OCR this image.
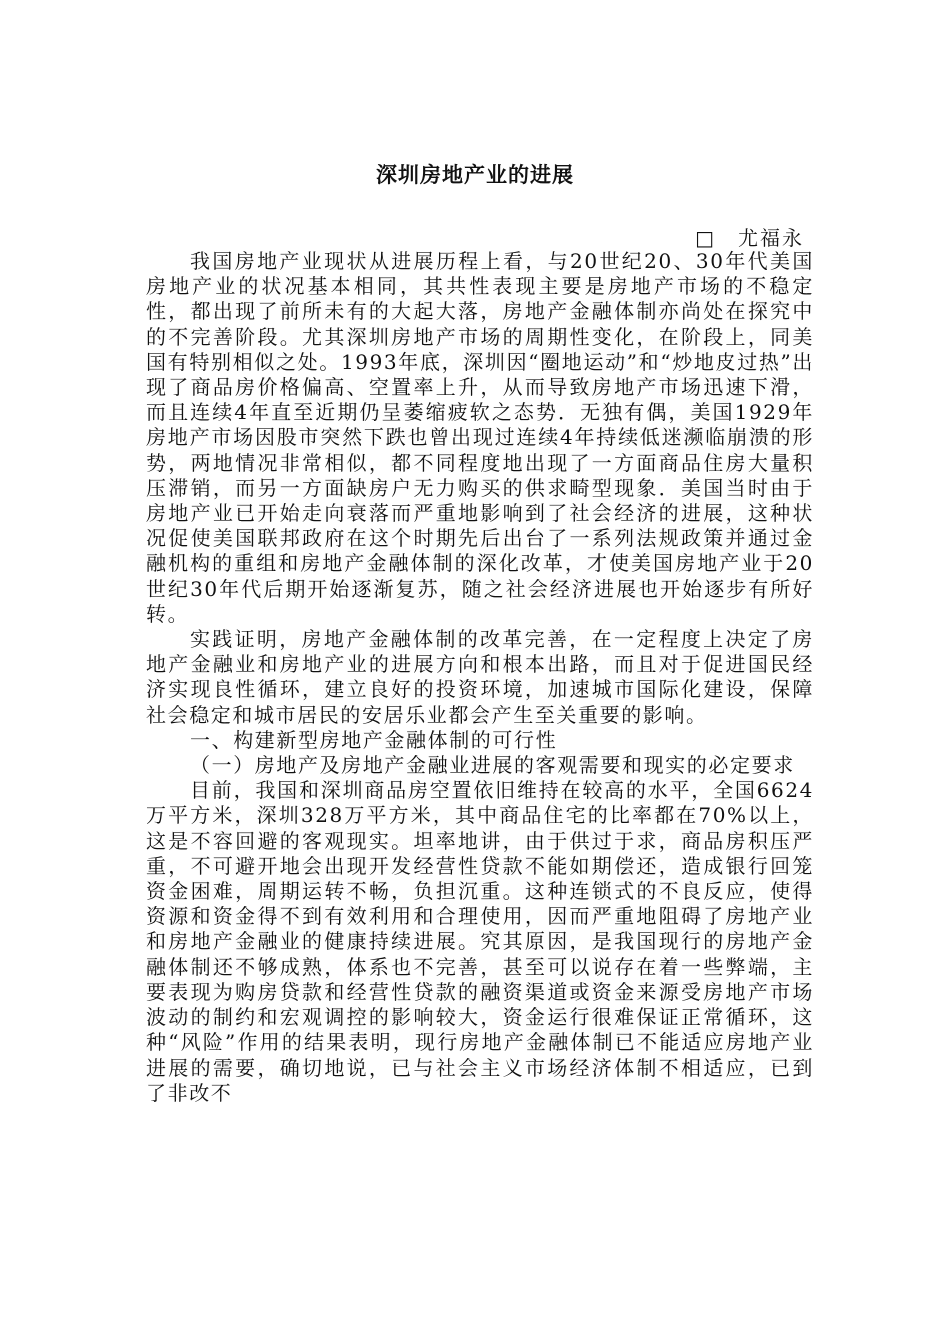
深圳房地产业的进展
□　尤福永

我国房地产业现状从进展历程上看，与20世纪20、30年代美国房地产业的状况基本相同，其共性表现主要是房地产市场的不稳定性，都出现了前所未有的大起大落，房地产金融体制亦尚处在探究中的不完善阶段。尤其深圳房地产市场的周期性变化，在阶段上，同美国有特别相似之处。1993年底，深圳因“圈地运动”和“炒地皮过热”出现了商品房价格偏高、空置率上升，从而导致房地产市场迅速下滑，而且连续4年直至近期仍呈萎缩疲软之态势．无独有偶，美国1929年房地产市场因股市突然下跌也曾出现过连续4年持续低迷濒临崩溃的形势，两地情况非常相似，都不同程度地出现了一方面商品住房大量积压滞销，而另一方面缺房户无力购买的供求畸型现象．美国当时由于房地产业已开始走向衰落而严重地影响到了社会经济的进展，这种状况促使美国联邦政府在这个时期先后出台了一系列法规政策并通过金融机构的重组和房地产金融体制的深化改革，才使美国房地产业于20世纪30年代后期开始逐渐复苏，随之社会经济进展也开始逐步有所好转。

实践证明，房地产金融体制的改革完善，在一定程度上决定了房地产金融业和房地产业的进展方向和根本出路，而且对于促进国民经济实现良性循环，建立良好的投资环境，加速城市国际化建设，保障社会稳定和城市居民的安居乐业都会产生至关重要的影响。

一、构建新型房地产金融体制的可行性

（一）房地产及房地产金融业进展的客观需要和现实的必定要求

目前，我国和深圳商品房空置依旧维持在较高的水平，全国6624万平方米，深圳328万平方米，其中商品住宅的比率都在70%以上，这是不容回避的客观现实。坦率地讲，由于供过于求，商品房积压严重，不可避开地会出现开发经营性贷款不能如期偿还，造成银行回笼资金困难，周期运转不畅，负担沉重。这种连锁式的不良反应，使得资源和资金得不到有效利用和合理使用，因而严重地阻碍了房地产业和房地产金融业的健康持续进展。究其原因，是我国现行的房地产金融体制还不够成熟，体系也不完善，甚至可以说存在着一些弊端，主要表现为购房贷款和经营性贷款的融资渠道或资金来源受房地产市场波动的制约和宏观调控的影响较大，资金运行很难保证正常循环，这种“风险”作用的结果表明，现行房地产金融体制已不能适应房地产业进展的需要，确切地说，已与社会主义市场经济体制不相适应，已到了非改不
